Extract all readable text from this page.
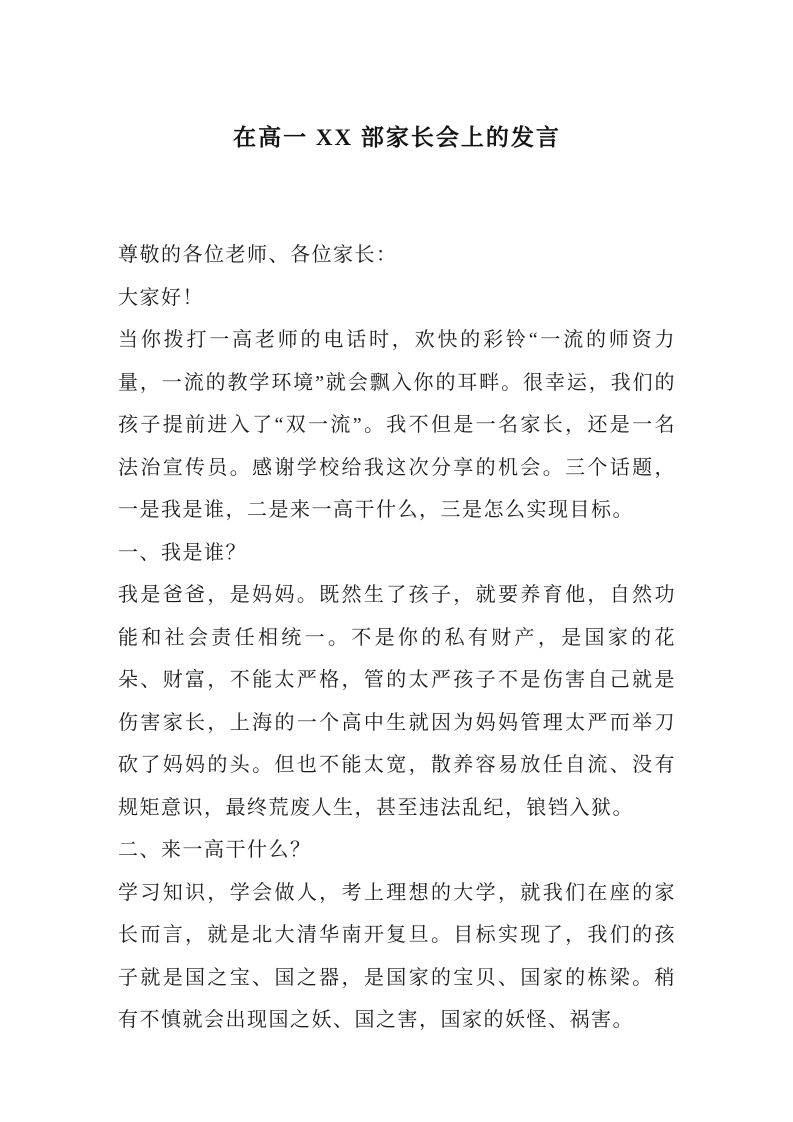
在高一 XX 部家长会上的发言

尊敬的各位老师、各位家长：

大家好！

当你拨打一高老师的电话时，欢快的彩铃“一流的师资力量，一流的教学环境”就会飘入你的耳畔。很幸运，我们的孩子提前进入了“双一流”。我不但是一名家长，还是一名法治宣传员。感谢学校给我这次分享的机会。三个话题，一是我是谁，二是来一高干什么，三是怎么实现目标。

一、我是谁？

我是爸爸，是妈妈。既然生了孩子，就要养育他，自然功能和社会责任相统一。不是你的私有财产，是国家的花朵、财富，不能太严格，管的太严孩子不是伤害自己就是伤害家长，上海的一个高中生就因为妈妈管理太严而举刀砍了妈妈的头。但也不能太宽，散养容易放任自流、没有规矩意识，最终荒废人生，甚至违法乱纪，锒铛入狱。

二、来一高干什么？

学习知识，学会做人，考上理想的大学，就我们在座的家长而言，就是北大清华南开复旦。目标实现了，我们的孩子就是国之宝、国之器，是国家的宝贝、国家的栋梁。稍有不慎就会出现国之妖、国之害，国家的妖怪、祸害。
